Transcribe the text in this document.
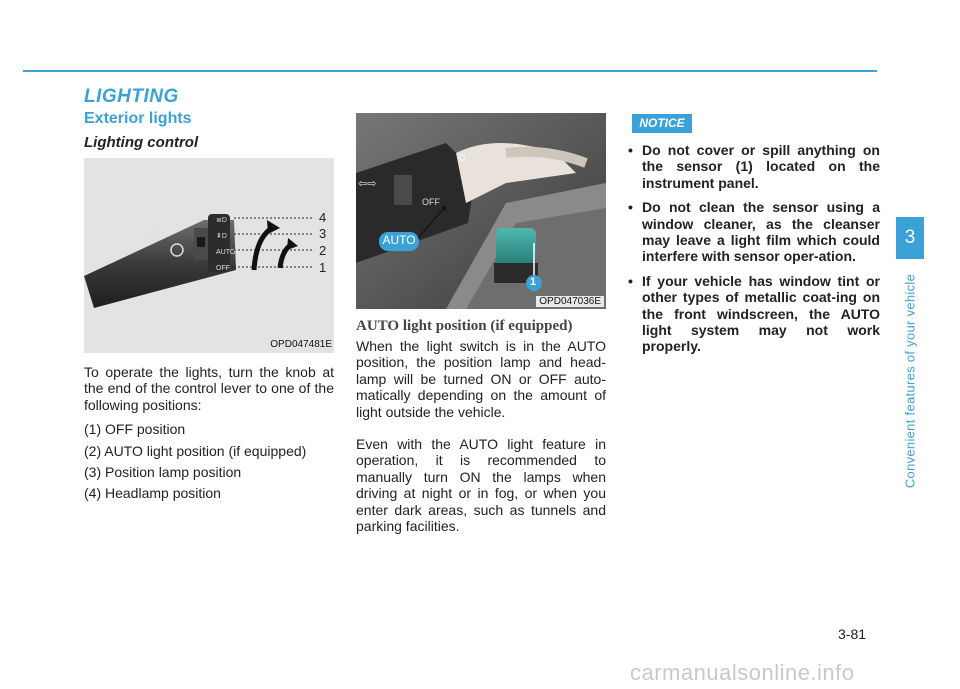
LIGHTING
Exterior lights
Lighting control
⇦⇨
≣D
⇞D
AUTO
OFF
4
3
2
1
OPD047481E
⇦⇨
OFF
☼
AUTO
1
OPD047036E

To operate the lights, turn the knob at the end of the control lever to one of the following positions:

(1) OFF position

(2) AUTO light position (if equipped)

(3) Position lamp position

(4) Headlamp position

AUTO light position (if equipped)

When the light switch is in the AUTO position, the position lamp and head-lamp will be turned ON or OFF auto-matically depending on the amount of light outside the vehicle.

Even with the AUTO light feature in operation, it is recommended to manually turn ON the lamps when driving at night or in fog, or when you enter dark areas, such as tunnels and parking facilities.

NOTICE
• Do not cover or spill anything on the sensor (1) located on the instrument panel.
• Do not clean the sensor using a window cleaner, as the cleanser may leave a light film which could interfere with sensor oper-ation.
• If your vehicle has window tint or other types of metallic coat-ing on the front windscreen, the AUTO light system may not work properly.
3
Convenient features of your vehicle
3-81
carmanualsonline.info
